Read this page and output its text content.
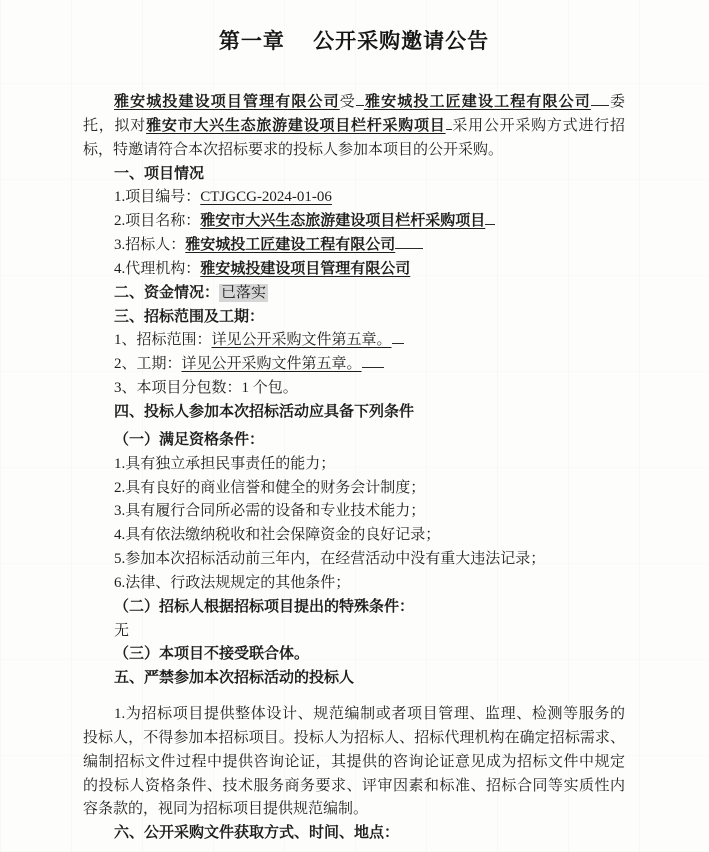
第一章　 公开采购邀请公告
雅安城投建设项目管理有限公司受 雅安城投工匠建设工程有限公司 委
托，拟对雅安市大兴生态旅游建设项目栏杆采购项目 采用公开采购方式进行招
标，特邀请符合本次招标要求的投标人参加本项目的公开采购。
一、项目情况
1.项目编号：CTJGCG-2024-01-06
2.项目名称：雅安市大兴生态旅游建设项目栏杆采购项目
3.招标人：雅安城投工匠建设工程有限公司
4.代理机构：雅安城投建设项目管理有限公司
二、资金情况： 已落实
三、招标范围及工期：
1、招标范围：详见公开采购文件第五章。
2、工期：详见公开采购文件第五章。
3、本项目分包数：1 个包。
四、投标人参加本次招标活动应具备下列条件
（一）满足资格条件：
1.具有独立承担民事责任的能力；
2.具有良好的商业信誉和健全的财务会计制度；
3.具有履行合同所必需的设备和专业技术能力；
4.具有依法缴纳税收和社会保障资金的良好记录；
5.参加本次招标活动前三年内，在经营活动中没有重大违法记录；
6.法律、行政法规规定的其他条件；
（二）招标人根据招标项目提出的特殊条件：
无
（三）本项目不接受联合体。
五、严禁参加本次招标活动的投标人
1.为招标项目提供整体设计、规范编制或者项目管理、监理、检测等服务的
投标人，不得参加本招标项目。投标人为招标人、招标代理机构在确定招标需求、
编制招标文件过程中提供咨询论证，其提供的咨询论证意见成为招标文件中规定
的投标人资格条件、技术服务商务要求、评审因素和标准、招标合同等实质性内
容条款的，视同为招标项目提供规范编制。
六、公开采购文件获取方式、时间、地点：
